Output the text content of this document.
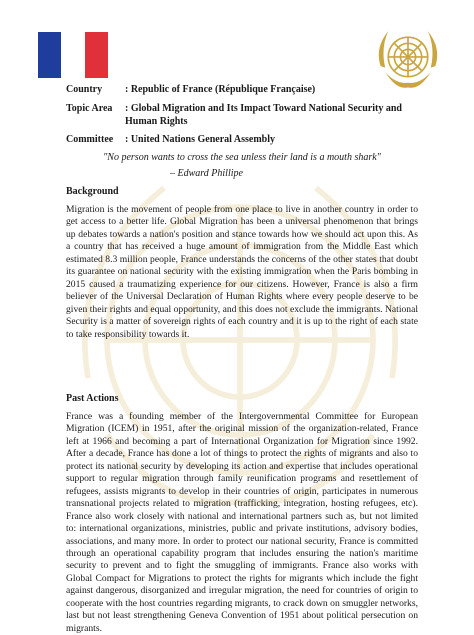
Country : Republic of France (République Française)
Topic Area : Global Migration and Its Impact Toward National Security and Human Rights
Committee : United Nations General Assembly
"No person wants to cross the sea unless their land is a mouth shark"
– Edward Phillipe
Background
Migration is the movement of people from one place to live in another country in order to get access to a better life. Global Migration has been a universal phenomenon that brings up debates towards a nation's position and stance towards how we should act upon this. As a country that has received a huge amount of immigration from the Middle East which estimated 8.3 million people, France understands the concerns of the other states that doubt its guarantee on national security with the existing immigration when the Paris bombing in 2015 caused a traumatizing experience for our citizens. However, France is also a firm believer of the Universal Declaration of Human Rights where every people deserve to be given their rights and equal opportunity, and this does not exclude the immigrants. National Security is a matter of sovereign rights of each country and it is up to the right of each state to take responsibility towards it.
Past Actions
France was a founding member of the Intergovernmental Committee for European Migration (ICEM) in 1951, after the original mission of the organization-related, France left at 1966 and becoming a part of International Organization for Migration since 1992. After a decade, France has done a lot of things to protect the rights of migrants and also to protect its national security by developing its action and expertise that includes operational support to regular migration through family reunification programs and resettlement of refugees, assists migrants to develop in their countries of origin, participates in numerous transnational projects related to migration (trafficking, integration, hosting refugees, etc). France also work closely with national and international partners such as, but not limited to: international organizations, ministries, public and private institutions, advisory bodies, associations, and many more. In order to protect our national security, France is committed through an operational capability program that includes ensuring the nation's maritime security to prevent and to fight the smuggling of immigrants. France also works with Global Compact for Migrations to protect the rights for migrants which include the fight against dangerous, disorganized and irregular migration, the need for countries of origin to cooperate with the host countries regarding migrants, to crack down on smuggler networks, last but not least strengthening Geneva Convention of 1951 about political persecution on migrants.
